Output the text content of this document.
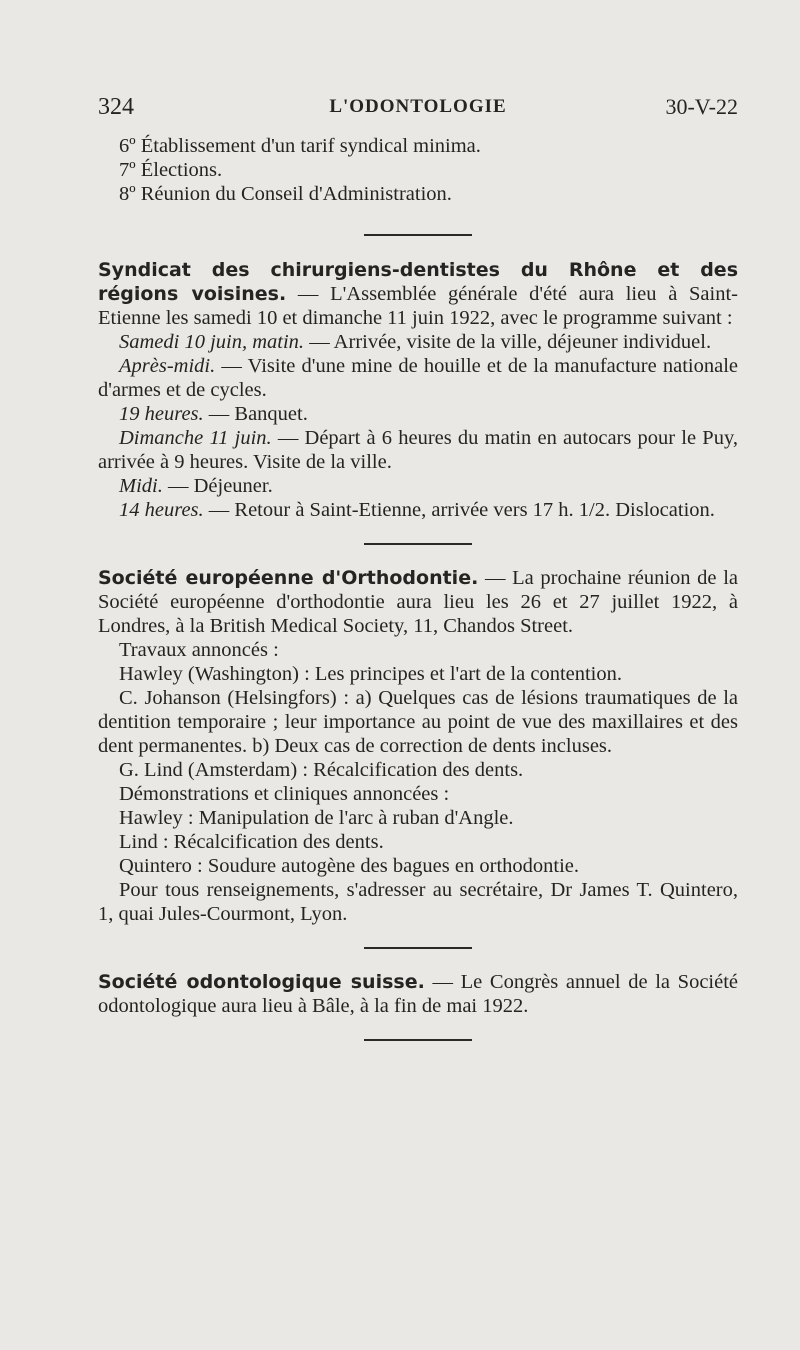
324	L'ODONTOLOGIE	30-V-22
6º Établissement d'un tarif syndical minima.
7º Élections.
8º Réunion du Conseil d'Administration.

Syndicat des chirurgiens-dentistes du Rhône et des régions voisines. — L'Assemblée générale d'été aura lieu à Saint-Etienne les samedi 10 et dimanche 11 juin 1922, avec le programme suivant :

Samedi 10 juin, matin. — Arrivée, visite de la ville, déjeuner individuel.

Après-midi. — Visite d'une mine de houille et de la manufacture nationale d'armes et de cycles.

19 heures. — Banquet.

Dimanche 11 juin. — Départ à 6 heures du matin en autocars pour le Puy, arrivée à 9 heures. Visite de la ville.

Midi. — Déjeuner.

14 heures. — Retour à Saint-Etienne, arrivée vers 17 h. 1/2. Dislocation.

Société européenne d'Orthodontie. — La prochaine réunion de la Société européenne d'orthodontie aura lieu les 26 et 27 juillet 1922, à Londres, à la British Medical Society, 11, Chandos Street.

Travaux annoncés :

Hawley (Washington) : Les principes et l'art de la contention.

C. Johanson (Helsingfors) : a) Quelques cas de lésions traumatiques de la dentition temporaire ; leur importance au point de vue des maxillaires et des dent permanentes. b) Deux cas de correction de dents incluses.

G. Lind (Amsterdam) : Récalcification des dents.

Démonstrations et cliniques annoncées :

Hawley : Manipulation de l'arc à ruban d'Angle.

Lind : Récalcification des dents.

Quintero : Soudure autogène des bagues en orthodontie.

Pour tous renseignements, s'adresser au secrétaire, Dr James T. Quintero, 1, quai Jules-Courmont, Lyon.

Société odontologique suisse. — Le Congrès annuel de la Société odontologique aura lieu à Bâle, à la fin de mai 1922.
